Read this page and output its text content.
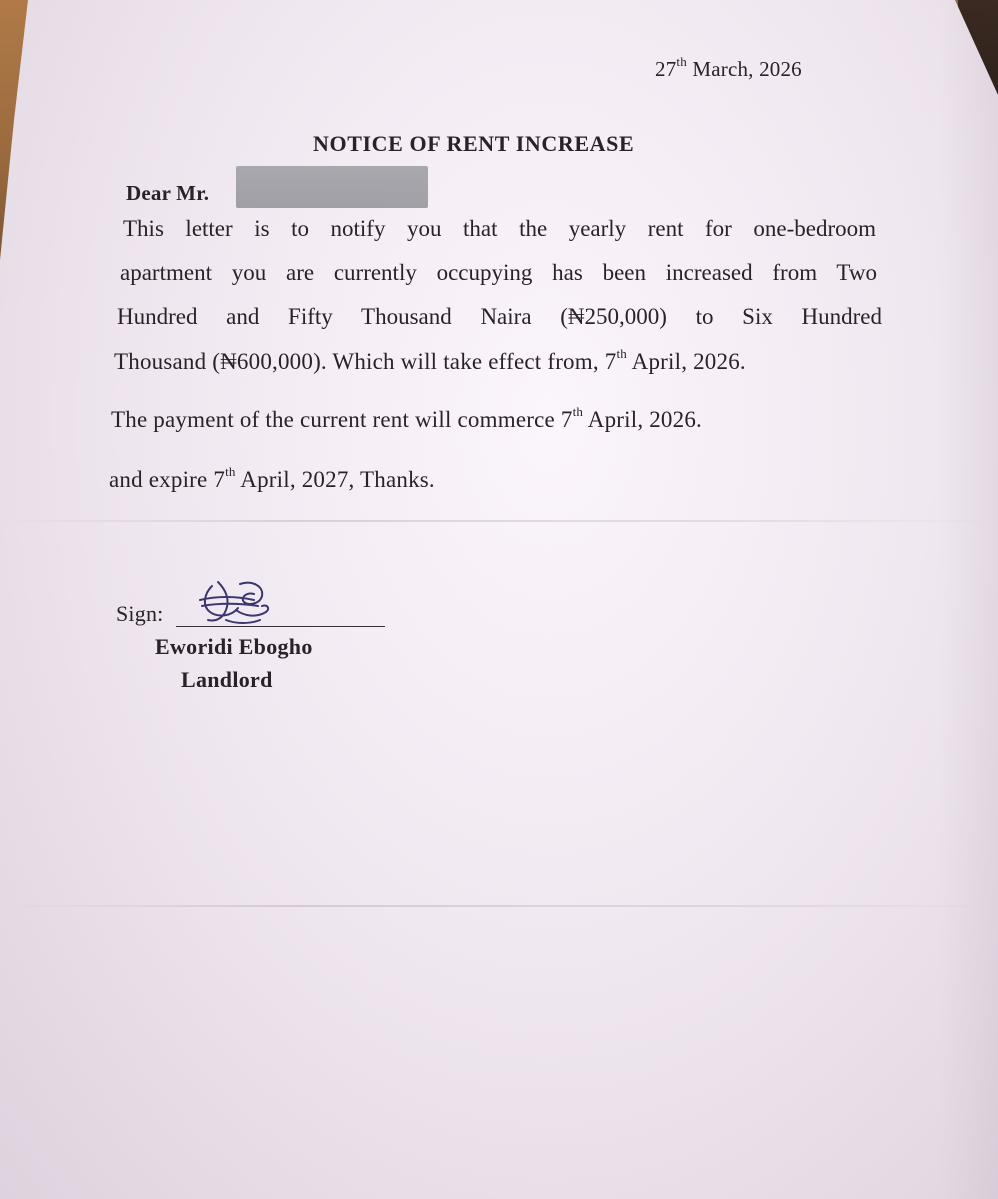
27th March, 2026
NOTICE OF RENT INCREASE
Dear Mr.
This letter is to notify you that the yearly rent for one-bedroom
apartment you are currently occupying has been increased from Two
Hundred and Fifty Thousand Naira (₦250,000) to Six Hundred
Thousand (₦600,000). Which will take effect from, 7th April, 2026.
The payment of the current rent will commerce 7th April, 2026.
and expire 7th April, 2027, Thanks.
Sign:
Eworidi Ebogho
Landlord
